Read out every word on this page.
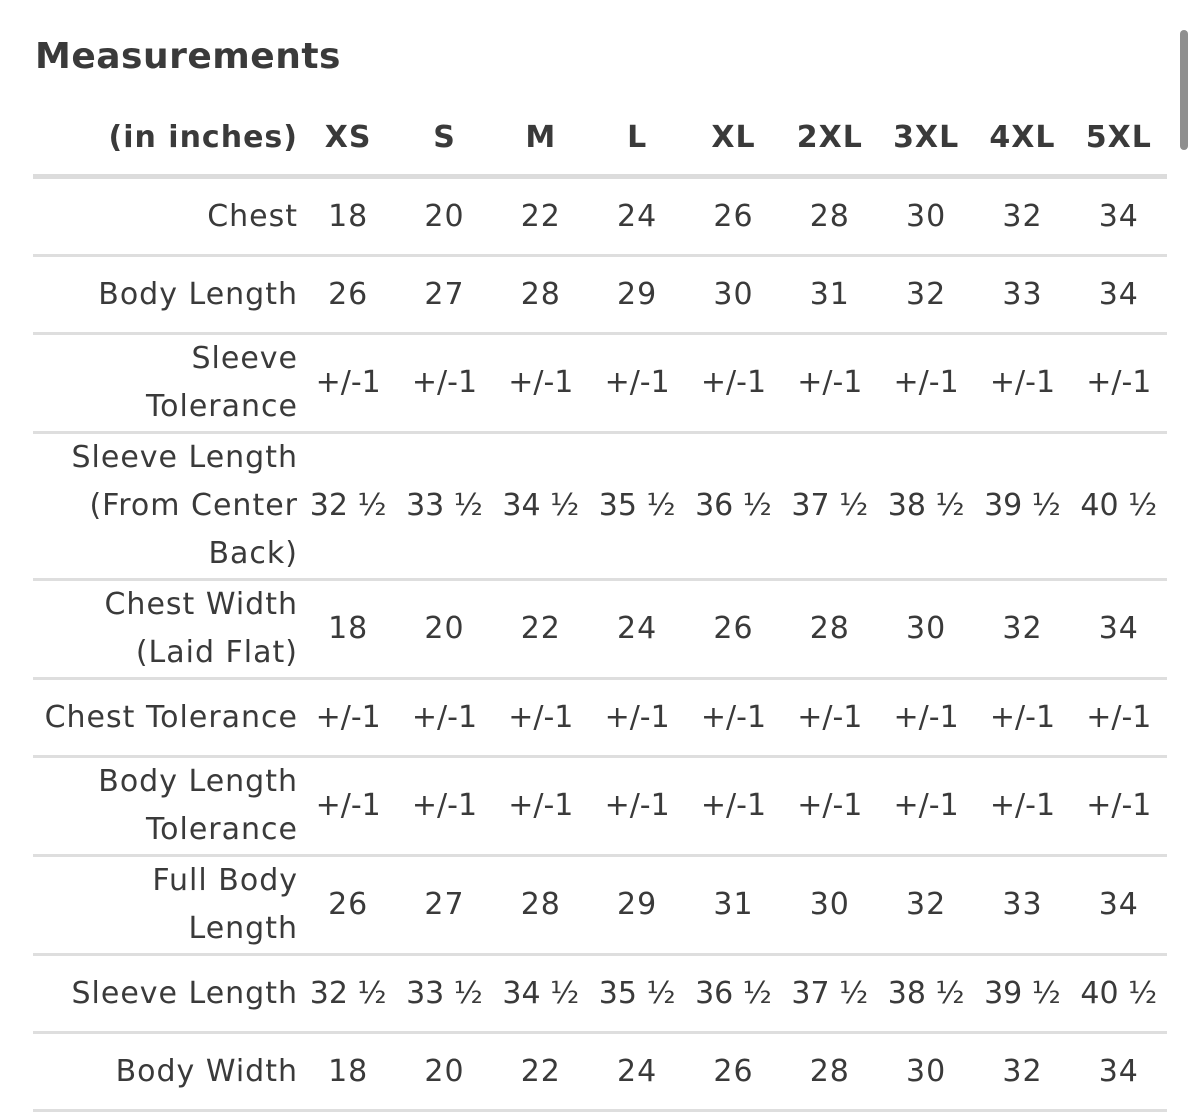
Measurements
(in inches)	XS	S	M	L	XL	2XL	3XL	4XL	5XL
Chest	18	20	22	24	26	28	30	32	34
Body Length	26	27	28	29	30	31	32	33	34
Sleeve Tolerance	+/-1	+/-1	+/-1	+/-1	+/-1	+/-1	+/-1	+/-1	+/-1
Sleeve Length (From Center Back)	32 ½	33 ½	34 ½	35 ½	36 ½	37 ½	38 ½	39 ½	40 ½
Chest Width (Laid Flat)	18	20	22	24	26	28	30	32	34
Chest Tolerance	+/-1	+/-1	+/-1	+/-1	+/-1	+/-1	+/-1	+/-1	+/-1
Body Length Tolerance	+/-1	+/-1	+/-1	+/-1	+/-1	+/-1	+/-1	+/-1	+/-1
Full Body Length	26	27	28	29	31	30	32	33	34
Sleeve Length	32 ½	33 ½	34 ½	35 ½	36 ½	37 ½	38 ½	39 ½	40 ½
Body Width	18	20	22	24	26	28	30	32	34
